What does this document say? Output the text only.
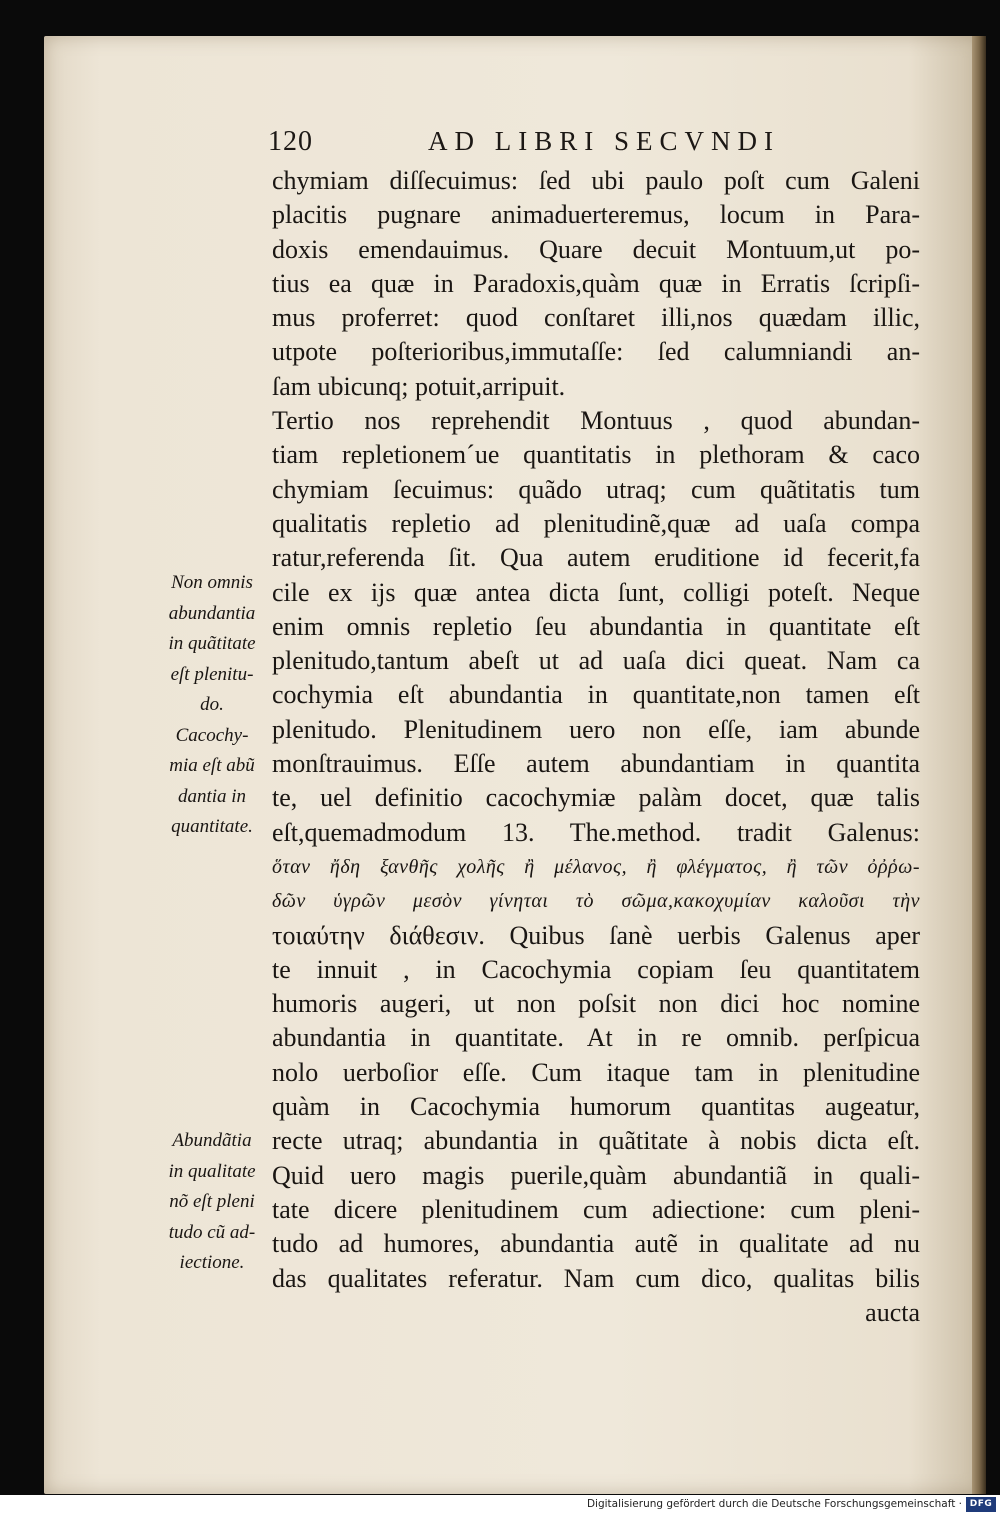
120	AD LIBRI SECVNDI
chymiam diſſecuimus: ſed ubi paulo poſt cum Galeni
placitis pugnare animaduerteremus, locum in Para-
doxis emendauimus. Quare decuit Montuum,ut po-
tius ea quæ in Paradoxis,quàm quæ in Erratis ſcripſi-
mus proferret: quod conſtaret illi,nos quædam illic,
utpote poſterioribus,immutaſſe: ſed calumniandi an-
ſam ubicunq; potuit,arripuit.
Tertio nos reprehendit Montuus , quod abundan-
tiam repletionem´ue quantitatis in plethoram & caco
chymiam ſecuimus: quãdo utraq; cum quãtitatis tum
qualitatis repletio ad plenitudinẽ,quæ ad uaſa compa
ratur,referenda ſit. Qua autem eruditione id fecerit,fa
cile ex iјs quæ antea dicta ſunt, colligi poteſt. Neque
enim omnis repletio ſeu abundantia in quantitate eſt
plenitudo,tantum abeſt ut ad uaſa dici queat. Nam ca
cochymia eſt abundantia in quantitate,non tamen eſt
plenitudo. Plenitudinem uero non eſſe, iam abunde
monſtrauimus. Eſſe autem abundantiam in quantita
te, uel definitio cacochymiæ palàm docet, quæ talis
eſt,quemadmodum 13. The.method. tradit Galenus:
ὅταν ἤδη ξανθῆς χολῆς ἢ μέλανος, ἢ φλέγματος, ἢ τῶν ὀῤῥω-
δῶν ὑγρῶν μεσὸν γίνηται τὸ σῶμα,κακοχυμίαν καλοῦσι τὴν
τοιαύτην διάθεσιν. Quibus ſanè uerbis Galenus aper
te innuit , in Cacochymia copiam ſeu quantitatem
humoris augeri, ut non poſsit non dici hoc nomine
abundantia in quantitate. At in re omnib. perſpicua
nolo uerboſior eſſe. Cum itaque tam in plenitudine
quàm in Cacochymia humorum quantitas augeatur,
recte utraq; abundantia in quãtitate à nobis dicta eſt.
Quid uero magis puerile,quàm abundantiã in quali-
tate dicere plenitudinem cum adiectione: cum pleni-
tudo ad humores, abundantia autẽ in qualitate ad nu
das qualitates referatur. Nam cum dico, qualitas bilis
aucta
Non omnis
abundantia
in quãtitate
eſt plenitu-
do.
Cacochy-
mia eſt abũ
dantia in
quantitate.
Abundãtia
in qualitate
nõ eſt pleni
tudo cũ ad-
iectione.
Digitalisierung gefördert durch die Deutsche Forschungsgemeinschaft · DFG
